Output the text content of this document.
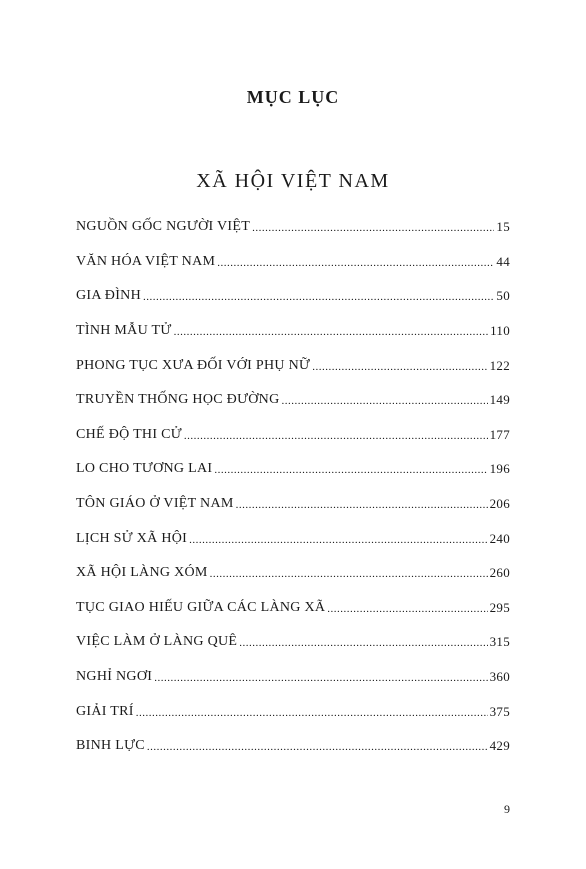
MỤC LỤC
XÃ HỘI VIỆT NAM
NGUỒN GỐC NGƯỜI VIỆT .....	15
VĂN HÓA VIỆT NAM .....	44
GIA ĐÌNH .....	50
TÌNH MẪU TỬ .....	110
PHONG TỤC XƯA ĐỐI VỚI PHỤ NỮ .....	122
TRUYỀN THỐNG HỌC ĐƯỜNG .....	149
CHẾ ĐỘ THI CỬ .....	177
LO CHO TƯƠNG LAI .....	196
TÔN GIÁO Ở VIỆT NAM .....	206
LỊCH SỬ XÃ HỘI .....	240
XÃ HỘI LÀNG XÓM .....	260
TỤC GIAO HIẾU GIỮA CÁC LÀNG XÃ .....	295
VIỆC LÀM Ở LÀNG QUÊ .....	315
NGHỈ NGƠI .....	360
GIẢI TRÍ .....	375
BINH LỰC .....	429
9
